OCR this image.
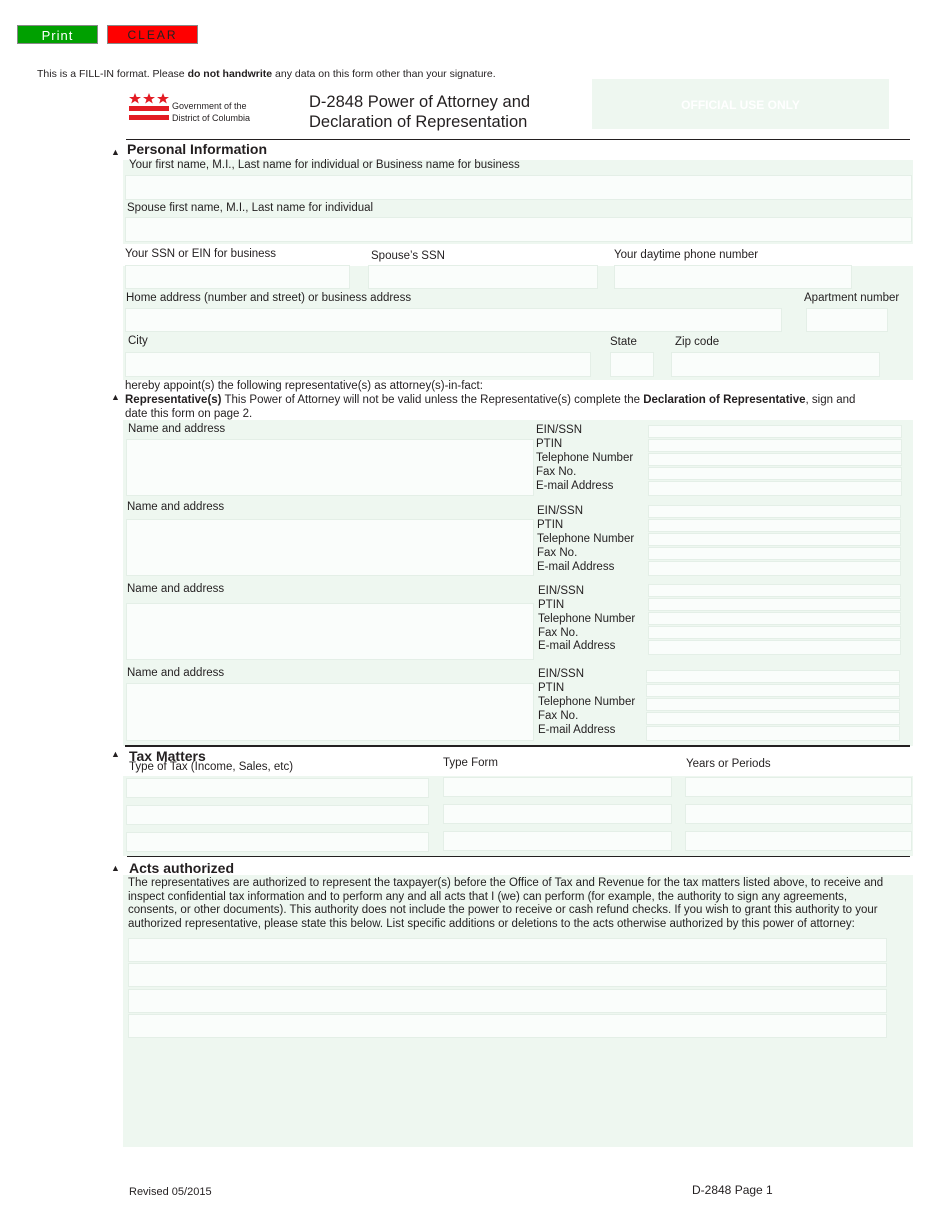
Print	CLEAR
This is a FILL-IN format. Please do not handwrite any data on this form other than your signature.
Government of the
District of Columbia
D-2848 Power of Attorney and
Declaration of Representation
OFFICIAL USE ONLY
▲ Personal Information
Your first name, M.I., Last name for individual or Business name for business
Spouse first name, M.I., Last name for individual
Your SSN or EIN for business	Spouse’s SSN	Your daytime phone number
Home address (number and street) or business address	Apartment number
City	State	Zip code
hereby appoint(s) the following representative(s) as attorney(s)-in-fact:
▲ Representative(s) This Power of Attorney will not be valid unless the Representative(s) complete the Declaration of Representative, sign and
date this form on page 2.
Name and address	EIN/SSN
PTIN
Telephone Number
Fax No.
E-mail Address
Name and address	EIN/SSN
PTIN
Telephone Number
Fax No.
E-mail Address
Name and address	EIN/SSN
PTIN
Telephone Number
Fax No.
E-mail Address
Name and address	EIN/SSN
PTIN
Telephone Number
Fax No.
E-mail Address
▲ Tax Matters
Type of Tax (Income, Sales, etc)	Type Form	Years or Periods
▲ Acts authorized
The representatives are authorized to represent the taxpayer(s) before the Office of Tax and Revenue for the tax matters listed above, to receive and
inspect confidential tax information and to perform any and all acts that I (we) can perform (for example, the authority to sign any agreements,
consents, or other documents). This authority does not include the power to receive or cash refund checks. If you wish to grant this authority to your
authorized representative, please state this below. List specific additions or deletions to the acts otherwise authorized by this power of attorney:
Revised 05/2015	D-2848 Page 1
